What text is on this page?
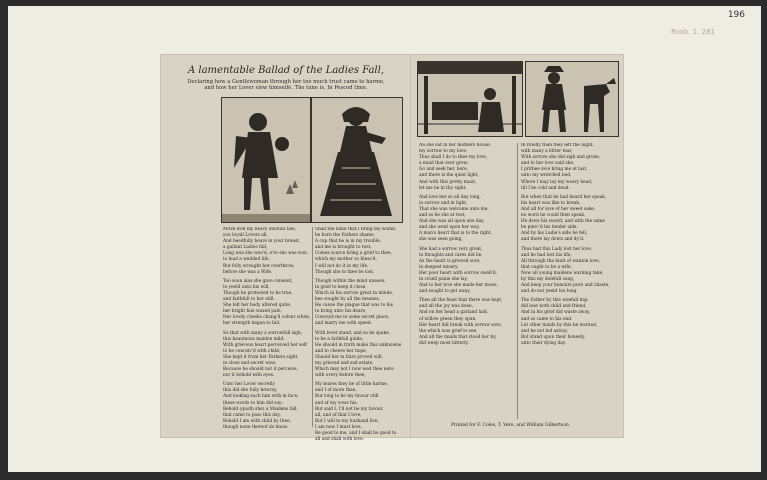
196
Roxb. 1. 281
A lamentable Ballad of the Ladies Fall,
Declaring how a Gentlewoman through her too much trust came to harme,
and how her Lover slew himselfe. The tune is, In Pescod time.
MArk well my heavy dolefull tale,
you loyall Lovers all,
And heedfully beare in your breast,
a gallant Ladies fall;
Long was she woo'd, e're she was won
to lead a wedded life,
But folly wrought her overthrow,
before she was a Wife.
Too soon alas she gave consent,
to yeeld unto his will,
Though he protested to be true,
and faithfull to her still.
She felt her body altered quite,
her bright hue waxed pale,
Her lovely cheeks chang'd colour white,
her strength began to fail.
So that with many a sorrowfull sigh,
this beauteous maiden mild,
With grievous heart perceived her self
to be conceiv'd with child;
She kept it from her Fathers sight,
in close and secret wise,
Because he should not it perceive,
nor it behold with eyes.
Unto her Lover secretly
this did she fully bewray,
And looking each him with in face,
these words to him did say:
Behold (quoth she) a Maidens fall,
that came to pass this day,
Behold I am with child by thee,
though none thereof do know.
Shall the babe that I bring my womb,
be born the Fathers shame,
A cup that he is in my trouble,
and me is brought to rest,
Comes scarce bring a grief to thee,
which my mother so bless'd,
I will not do it in my life,
Though she to thee be lost.
Though within the mind unseen,
in grief to keep it close,
Which in his sorrow great in minde,
hee sought by all the meanes,
He cause the plague that was to his
to bring unto his deare,
Conveyd me in some secret place,
and marry me with speed.
With lover stand, and so he spake,
to be a faithfull guide,
He should in truth make this unknowne
and to cheere her hope,
Should her in faire proved will,
my grieved and sad estate,
Which may not I now wed thee nere
with every before thee,
My teares they be of little harme,
and I of more than,
But long to be my favour still
and of my vows his,
But said I, I'll not be my favour,
all, and of that I love,
But I will to my husband live,
I am now I must love,
Be good to me, and I shall be good to
all and shall with love.
AS she sat in her mothers house,
my sorrow to my love,
Thus shall I do to thee my love,
a maid that ever grew;
Go and seek her, here,
and there is the quiet light,
And with this pretty maid,
let me be in thy sight.
And love her so all day long,
in sorrow and in light,
That she was welcome unto me,
and so be she at rest,
And she was all upon one day,
and she went upon her way,
A man's heart that is to the right,
she was seen going,
She had a sorrow very great,
in thoughts and cares did lie,
As the heart is grieved sore,
in deepest misery.
Her poor heart with sorrow swell'd,
in cruell paine she lay,
And to her love she made her mone,
and sought to get away.
Then all the feast that there was kept,
and all the joy was done,
And on her head a garland laid,
of willow green they spun,
Her heart did break with sorrow sore,
the which was grief to see,
And all the maids that stood her by,
did weep most bitterly.
In briefly then they left the night,
with many a bitter tear,
With sorrow she did sigh and grone,
and to her love said she,
I prithee love bring me at last,
unto my wretched bed,
Where I may lay my weary head,
till I be cold and dead.
But when that he had heard her speak,
his heart was like to break,
And all for love of her sweet sake,
no word he could then speak,
He drew his sword, and with the same
he pierc'd his tender side,
And by his Ladie's side he fell,
and there lay down and dy'd.
Thus had this Lady lost her love,
and he had lost his life,
All through the fault of wanton love,
that ought to be a wife,
Now all young maidens warning take,
by this my dolefull song,
And keep your honours pure and chaste,
and do not yeeld too long.
The Father by this woefull hap
did lose both child and friend,
And in his grief did waste away,
and so came to his end.
Let other maids by this be warned,
and be not led astray,
But stand upon their honesty,
unto their dying day.
Printed for F. Coles, T. Vere, and William Gilbertson.
